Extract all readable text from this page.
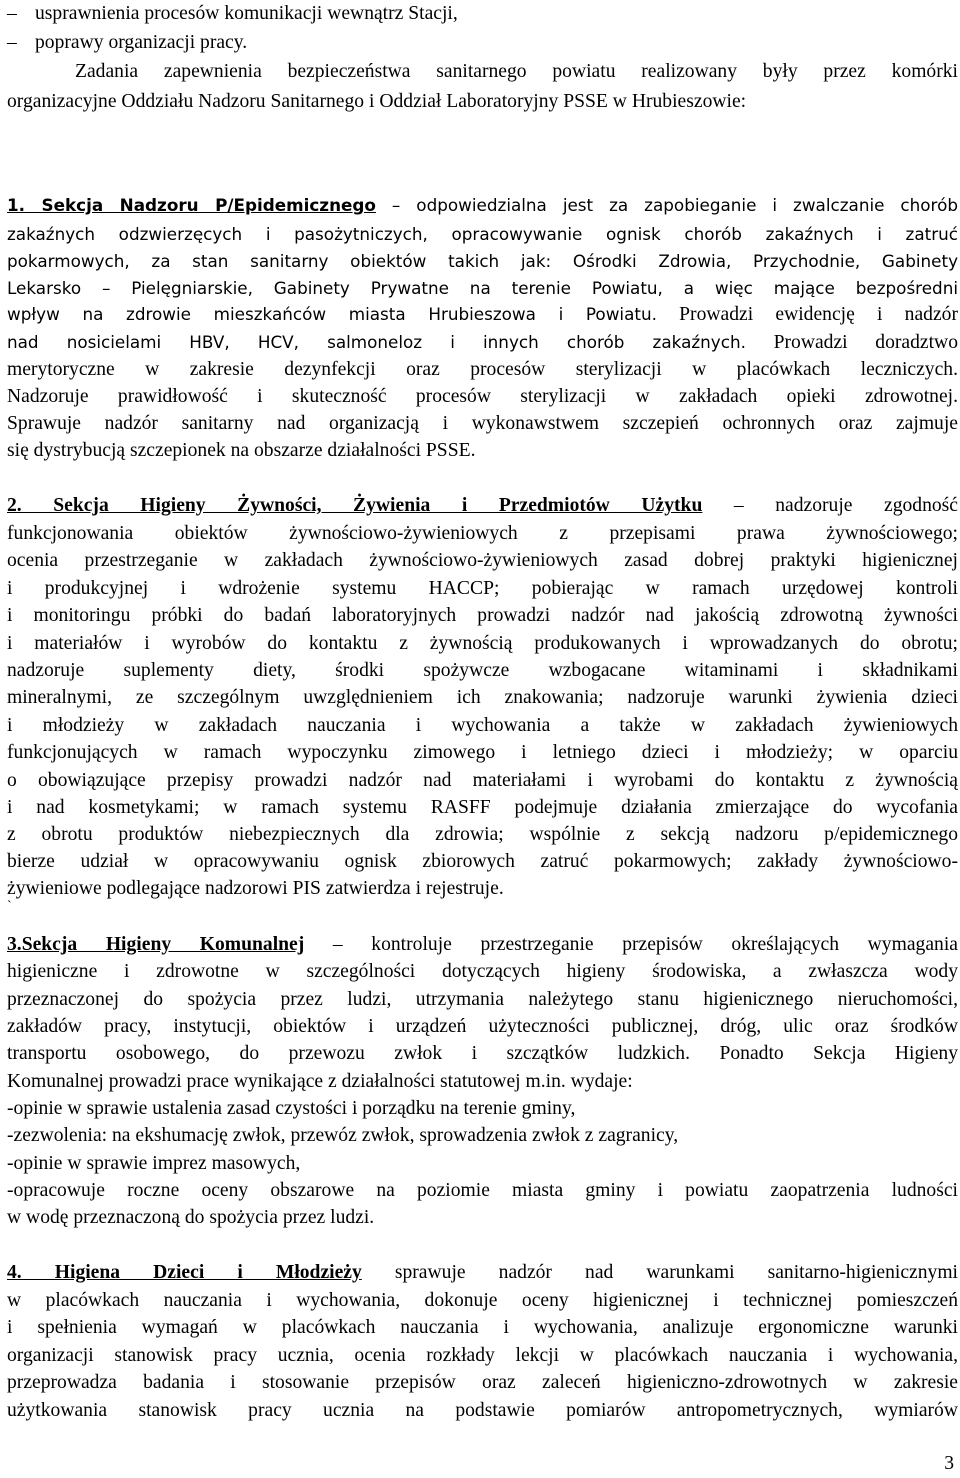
– usprawnienia procesów komunikacji wewnątrz Stacji,
– poprawy organizacji pracy.
Zadania zapewnienia bezpieczeństwa sanitarnego powiatu realizowany były przez komórki
organizacyjne Oddziału Nadzoru Sanitarnego i Oddział Laboratoryjny PSSE w Hrubieszowie:
1. Sekcja Nadzoru P/Epidemicznego – odpowiedzialna jest za zapobieganie i zwalczanie chorób
zakaźnych odzwierzęcych i pasożytniczych, opracowywanie ognisk chorób zakaźnych i zatruć
pokarmowych, za stan sanitarny obiektów takich jak: Ośrodki Zdrowia, Przychodnie, Gabinety
Lekarsko – Pielęgniarskie, Gabinety Prywatne na terenie Powiatu, a więc mające bezpośredni
wpływ na zdrowie mieszkańców miasta Hrubieszowa i Powiatu. Prowadzi ewidencję i nadzór
nad nosicielami HBV, HCV, salmoneloz i innych chorób zakaźnych. Prowadzi doradztwo
merytoryczne w zakresie dezynfekcji oraz procesów sterylizacji w placówkach leczniczych.
Nadzoruje prawidłowość i skuteczność procesów sterylizacji w zakładach opieki zdrowotnej.
Sprawuje nadzór sanitarny nad organizacją i wykonawstwem szczepień ochronnych oraz zajmuje
się dystrybucją szczepionek na obszarze działalności PSSE.
2. Sekcja Higieny Żywności, Żywienia i Przedmiotów Użytku – nadzoruje zgodność
funkcjonowania obiektów żywnościowo-żywieniowych z przepisami prawa żywnościowego;
ocenia przestrzeganie w zakładach żywnościowo-żywieniowych zasad dobrej praktyki higienicznej
i produkcyjnej i wdrożenie systemu HACCP; pobierając w ramach urzędowej kontroli
i monitoringu próbki do badań laboratoryjnych prowadzi nadzór nad jakością zdrowotną żywności
i materiałów i wyrobów do kontaktu z żywnością produkowanych i wprowadzanych do obrotu;
nadzoruje suplementy diety, środki spożywcze wzbogacane witaminami i składnikami
mineralnymi, ze szczególnym uwzględnieniem ich znakowania; nadzoruje warunki żywienia dzieci
i młodzieży w zakładach nauczania i wychowania a także w zakładach żywieniowych
funkcjonujących w ramach wypoczynku zimowego i letniego dzieci i młodzieży; w oparciu
o obowiązujące przepisy prowadzi nadzór nad materiałami i wyrobami do kontaktu z żywnością
i nad kosmetykami; w ramach systemu RASFF podejmuje działania zmierzające do wycofania
z obrotu produktów niebezpiecznych dla zdrowia; wspólnie z sekcją nadzoru p/epidemicznego
bierze udział w opracowywaniu ognisk zbiorowych zatruć pokarmowych; zakłady żywnościowo-
żywieniowe podlegające nadzorowi PIS zatwierdza i rejestruje.
`
3.Sekcja Higieny Komunalnej – kontroluje przestrzeganie przepisów określających wymagania
higieniczne i zdrowotne w szczególności dotyczących higieny środowiska, a zwłaszcza wody
przeznaczonej do spożycia przez ludzi, utrzymania należytego stanu higienicznego nieruchomości,
zakładów pracy, instytucji, obiektów i urządzeń użyteczności publicznej, dróg, ulic oraz środków
transportu osobowego, do przewozu zwłok i szczątków ludzkich. Ponadto Sekcja Higieny
Komunalnej prowadzi prace wynikające z działalności statutowej m.in. wydaje:
-opinie w sprawie ustalenia zasad czystości i porządku na terenie gminy,
-zezwolenia: na ekshumację zwłok, przewóz zwłok, sprowadzenia zwłok z zagranicy,
-opinie w sprawie imprez masowych,
-opracowuje roczne oceny obszarowe na poziomie miasta gminy i powiatu zaopatrzenia ludności
w wodę przeznaczoną do spożycia przez ludzi.
4. Higiena Dzieci i Młodzieży sprawuje nadzór nad warunkami sanitarno-higienicznymi
w placówkach nauczania i wychowania, dokonuje oceny higienicznej i technicznej pomieszczeń
i spełnienia wymagań w placówkach nauczania i wychowania, analizuje ergonomiczne warunki
organizacji stanowisk pracy ucznia, ocenia rozkłady lekcji w placówkach nauczania i wychowania,
przeprowadza badania i stosowanie przepisów oraz zaleceń higieniczno-zdrowotnych w zakresie
użytkowania stanowisk pracy ucznia na podstawie pomiarów antropometrycznych, wymiarów
3
